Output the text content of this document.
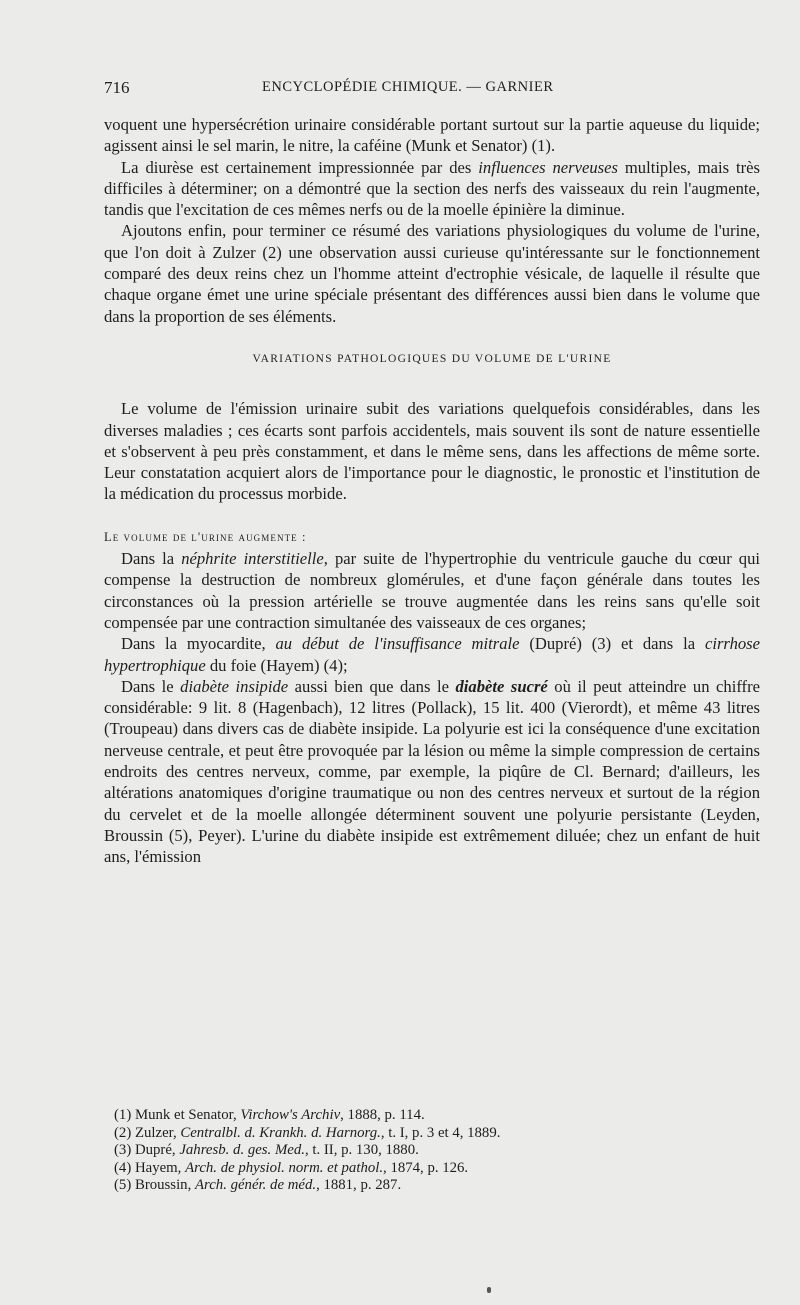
716	ENCYCLOPÉDIE CHIMIQUE. — GARNIER

voquent une hypersécrétion urinaire considérable portant surtout sur la partie aqueuse du liquide; agissent ainsi le sel marin, le nitre, la caféine (Munk et Senator) (1).

La diurèse est certainement impressionnée par des influences nerveuses multiples, mais très difficiles à déterminer; on a démontré que la section des nerfs des vaisseaux du rein l'augmente, tandis que l'excitation de ces mêmes nerfs ou de la moelle épinière la diminue.

Ajoutons enfin, pour terminer ce résumé des variations physiologiques du volume de l'urine, que l'on doit à Zulzer (2) une observation aussi curieuse qu'intéressante sur le fonctionnement comparé des deux reins chez un l'homme atteint d'ectrophie vésicale, de laquelle il résulte que chaque organe émet une urine spéciale présentant des différences aussi bien dans le volume que dans la proportion de ses éléments.

VARIATIONS PATHOLOGIQUES DU VOLUME DE L'URINE

Le volume de l'émission urinaire subit des variations quelquefois considérables, dans les diverses maladies ; ces écarts sont parfois accidentels, mais souvent ils sont de nature essentielle et s'observent à peu près constamment, et dans le même sens, dans les affections de même sorte. Leur constatation acquiert alors de l'importance pour le diagnostic, le pronostic et l'institution de la médication du processus morbide.

Le volume de l'urine augmente :

Dans la néphrite interstitielle, par suite de l'hypertrophie du ventricule gauche du cœur qui compense la destruction de nombreux glomérules, et d'une façon générale dans toutes les circonstances où la pression artérielle se trouve augmentée dans les reins sans qu'elle soit compensée par une contraction simultanée des vaisseaux de ces organes;

Dans la myocardite, au début de l'insuffisance mitrale (Dupré) (3) et dans la cirrhose hypertrophique du foie (Hayem) (4);

Dans le diabète insipide aussi bien que dans le diabète sucré où il peut atteindre un chiffre considérable: 9 lit. 8 (Hagenbach), 12 litres (Pollack), 15 lit. 400 (Vierordt), et même 43 litres (Troupeau) dans divers cas de diabète insipide. La polyurie est ici la conséquence d'une excitation nerveuse centrale, et peut être provoquée par la lésion ou même la simple compression de certains endroits des centres nerveux, comme, par exemple, la piqûre de Cl. Bernard; d'ailleurs, les altérations anatomiques d'origine traumatique ou non des centres nerveux et surtout de la région du cervelet et de la moelle allongée déterminent souvent une polyurie persistante (Leyden, Broussin (5), Peyer). L'urine du diabète insipide est extrêmement diluée; chez un enfant de huit ans, l'émission

(1) Munk et Senator, Virchow's Archiv, 1888, p. 114.
(2) Zulzer, Centralbl. d. Krankh. d. Harnorg., t. I, p. 3 et 4, 1889.
(3) Dupré, Jahresb. d. ges. Med., t. II, p. 130, 1880.
(4) Hayem, Arch. de physiol. norm. et pathol., 1874, p. 126.
(5) Broussin, Arch. génér. de méd., 1881, p. 287.
